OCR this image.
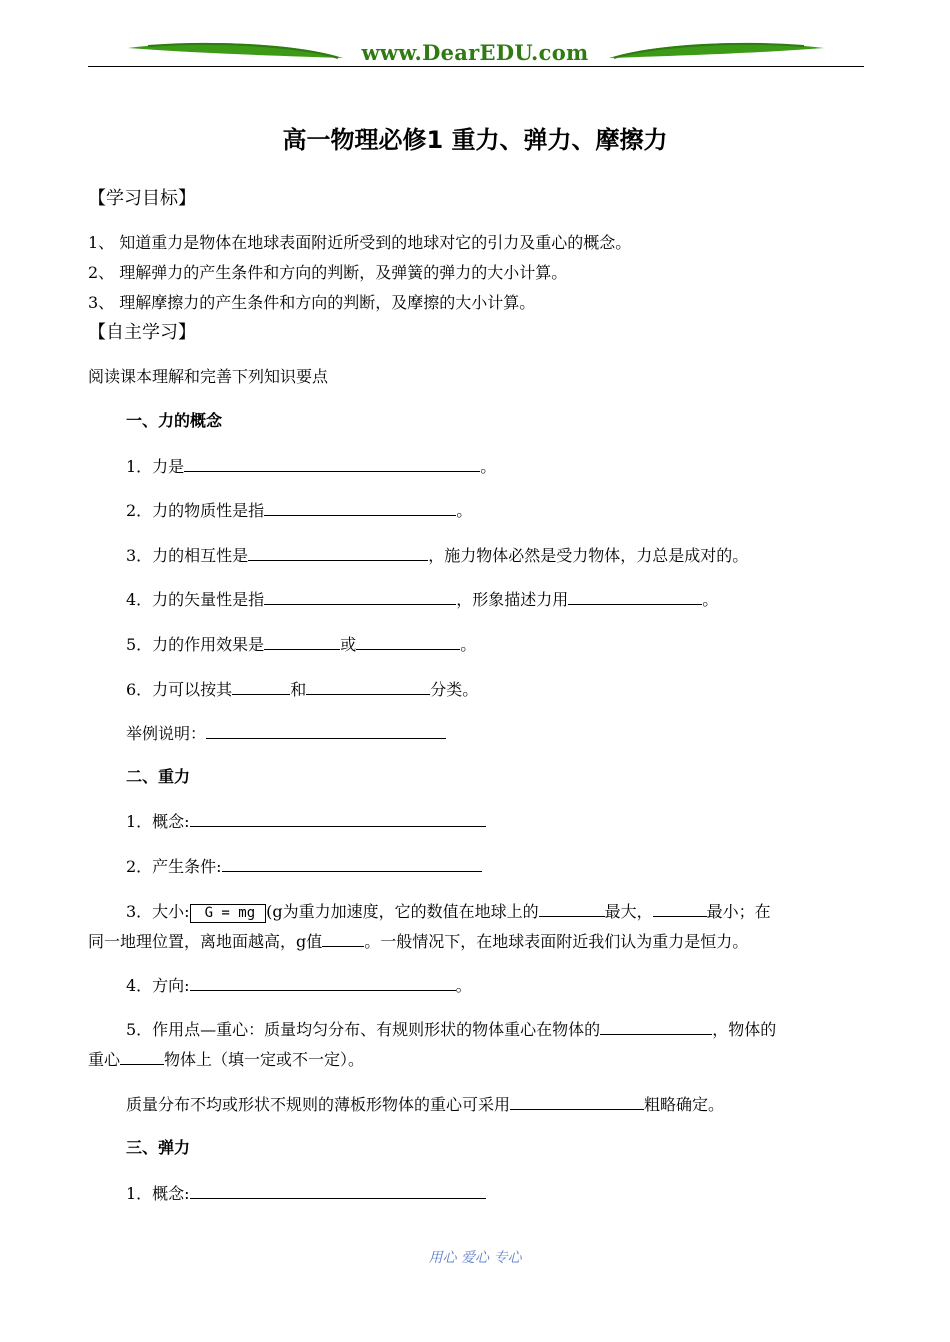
www.DearEDU.com
高一物理必修1 重力、弹力、摩擦力
【学习目标】
1、 知道重力是物体在地球表面附近所受到的地球对它的引力及重心的概念。
2、 理解弹力的产生条件和方向的判断，及弹簧的弹力的大小计算。
3、 理解摩擦力的产生条件和方向的判断，及摩擦的大小计算。
【自主学习】
阅读课本理解和完善下列知识要点
一、力的概念
1．力是	。
2．力的物质性是指	。
3．力的相互性是	，施力物体必然是受力物体，力总是成对的。
4．力的矢量性是指	，形象描述力用	。
5．力的作用效果是	或	。
6．力可以按其	和	分类。
举例说明：
二、重力
1．概念:
2．产生条件:
3．大小: G = mg (g为重力加速度，它的数值在地球上的	最大，	最小；在
同一地理位置，离地面越高，g值	。一般情况下，在地球表面附近我们认为重力是恒力。
4．方向:	。
5．作用点—重心：质量均匀分布、有规则形状的物体重心在物体的	，物体的
重心	物体上（填一定或不一定）。
质量分布不均或形状不规则的薄板形物体的重心可采用	粗略确定。
三、弹力
1．概念:
用心 爱心 专心
